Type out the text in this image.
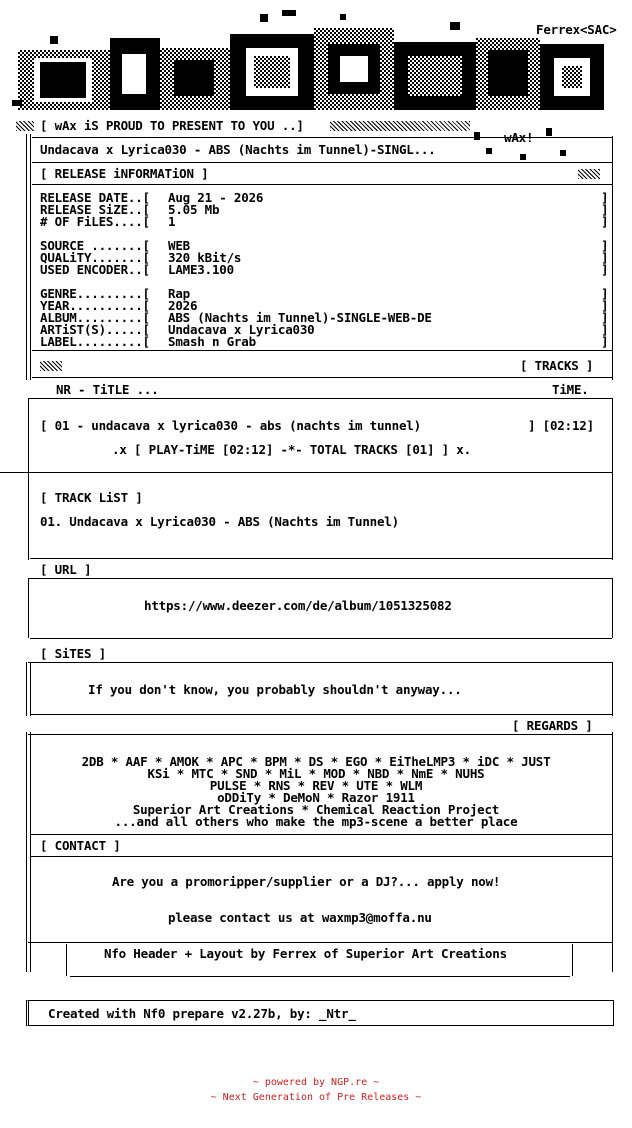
Ferrex<SAC>
[ wAx iS PROUD TO PRESENT TO YOU ..]
wAx!
Undacava x Lyrica030 - ABS (Nachts im Tunnel)-SINGL...
[ RELEASE iNFORMATiON ]
RELEASE DATE..[ Aug 21 - 2026
RELEASE SiZE..[ 5.05 Mb
# OF FiLES....[ 1
SOURCE .......[ WEB
QUALiTY.......[ 320 kBit/s
USED ENCODER..[ LAME3.100
GENRE.........[ Rap
YEAR..........[ 2026
ALBUM.........[ ABS (Nachts im Tunnel)-SINGLE-WEB-DE
ARTiST(S).....[ Undacava x Lyrica030
LABEL.........[ Smash n Grab
]
]
]
]
]
]
]
]
]
]
]
[ TRACKS ]
NR - TiTLE ...	TiME.
[ 01 - undacava x lyrica030 - abs (nachts im tunnel)	] [02:12]
.x [ PLAY-TiME [02:12] -*- TOTAL TRACKS [01] ] x.
[ TRACK LiST ]
01. Undacava x Lyrica030 - ABS (Nachts im Tunnel)
[ URL ]
https://www.deezer.com/de/album/1051325082
[ SiTES ]
If you don't know, you probably shouldn't anyway...
[ REGARDS ]
2DB * AAF * AMOK * APC * BPM * DS * EGO * EiTheLMP3 * iDC * JUST
KSi * MTC * SND * MiL * MOD * NBD * NmE * NUHS
PULSE * RNS * REV * UTE * WLM
oDDiTy * DeMoN * Razor 1911
Superior Art Creations * Chemical Reaction Project
...and all others who make the mp3-scene a better place
[ CONTACT ]
Are you a promoripper/supplier or a DJ?... apply now!
please contact us at waxmp3@moffa.nu
Nfo Header + Layout by Ferrex of Superior Art Creations
Created with Nf0 prepare v2.27b, by: _Ntr_
~ powered by NGP.re ~
~ Next Generation of Pre Releases ~
